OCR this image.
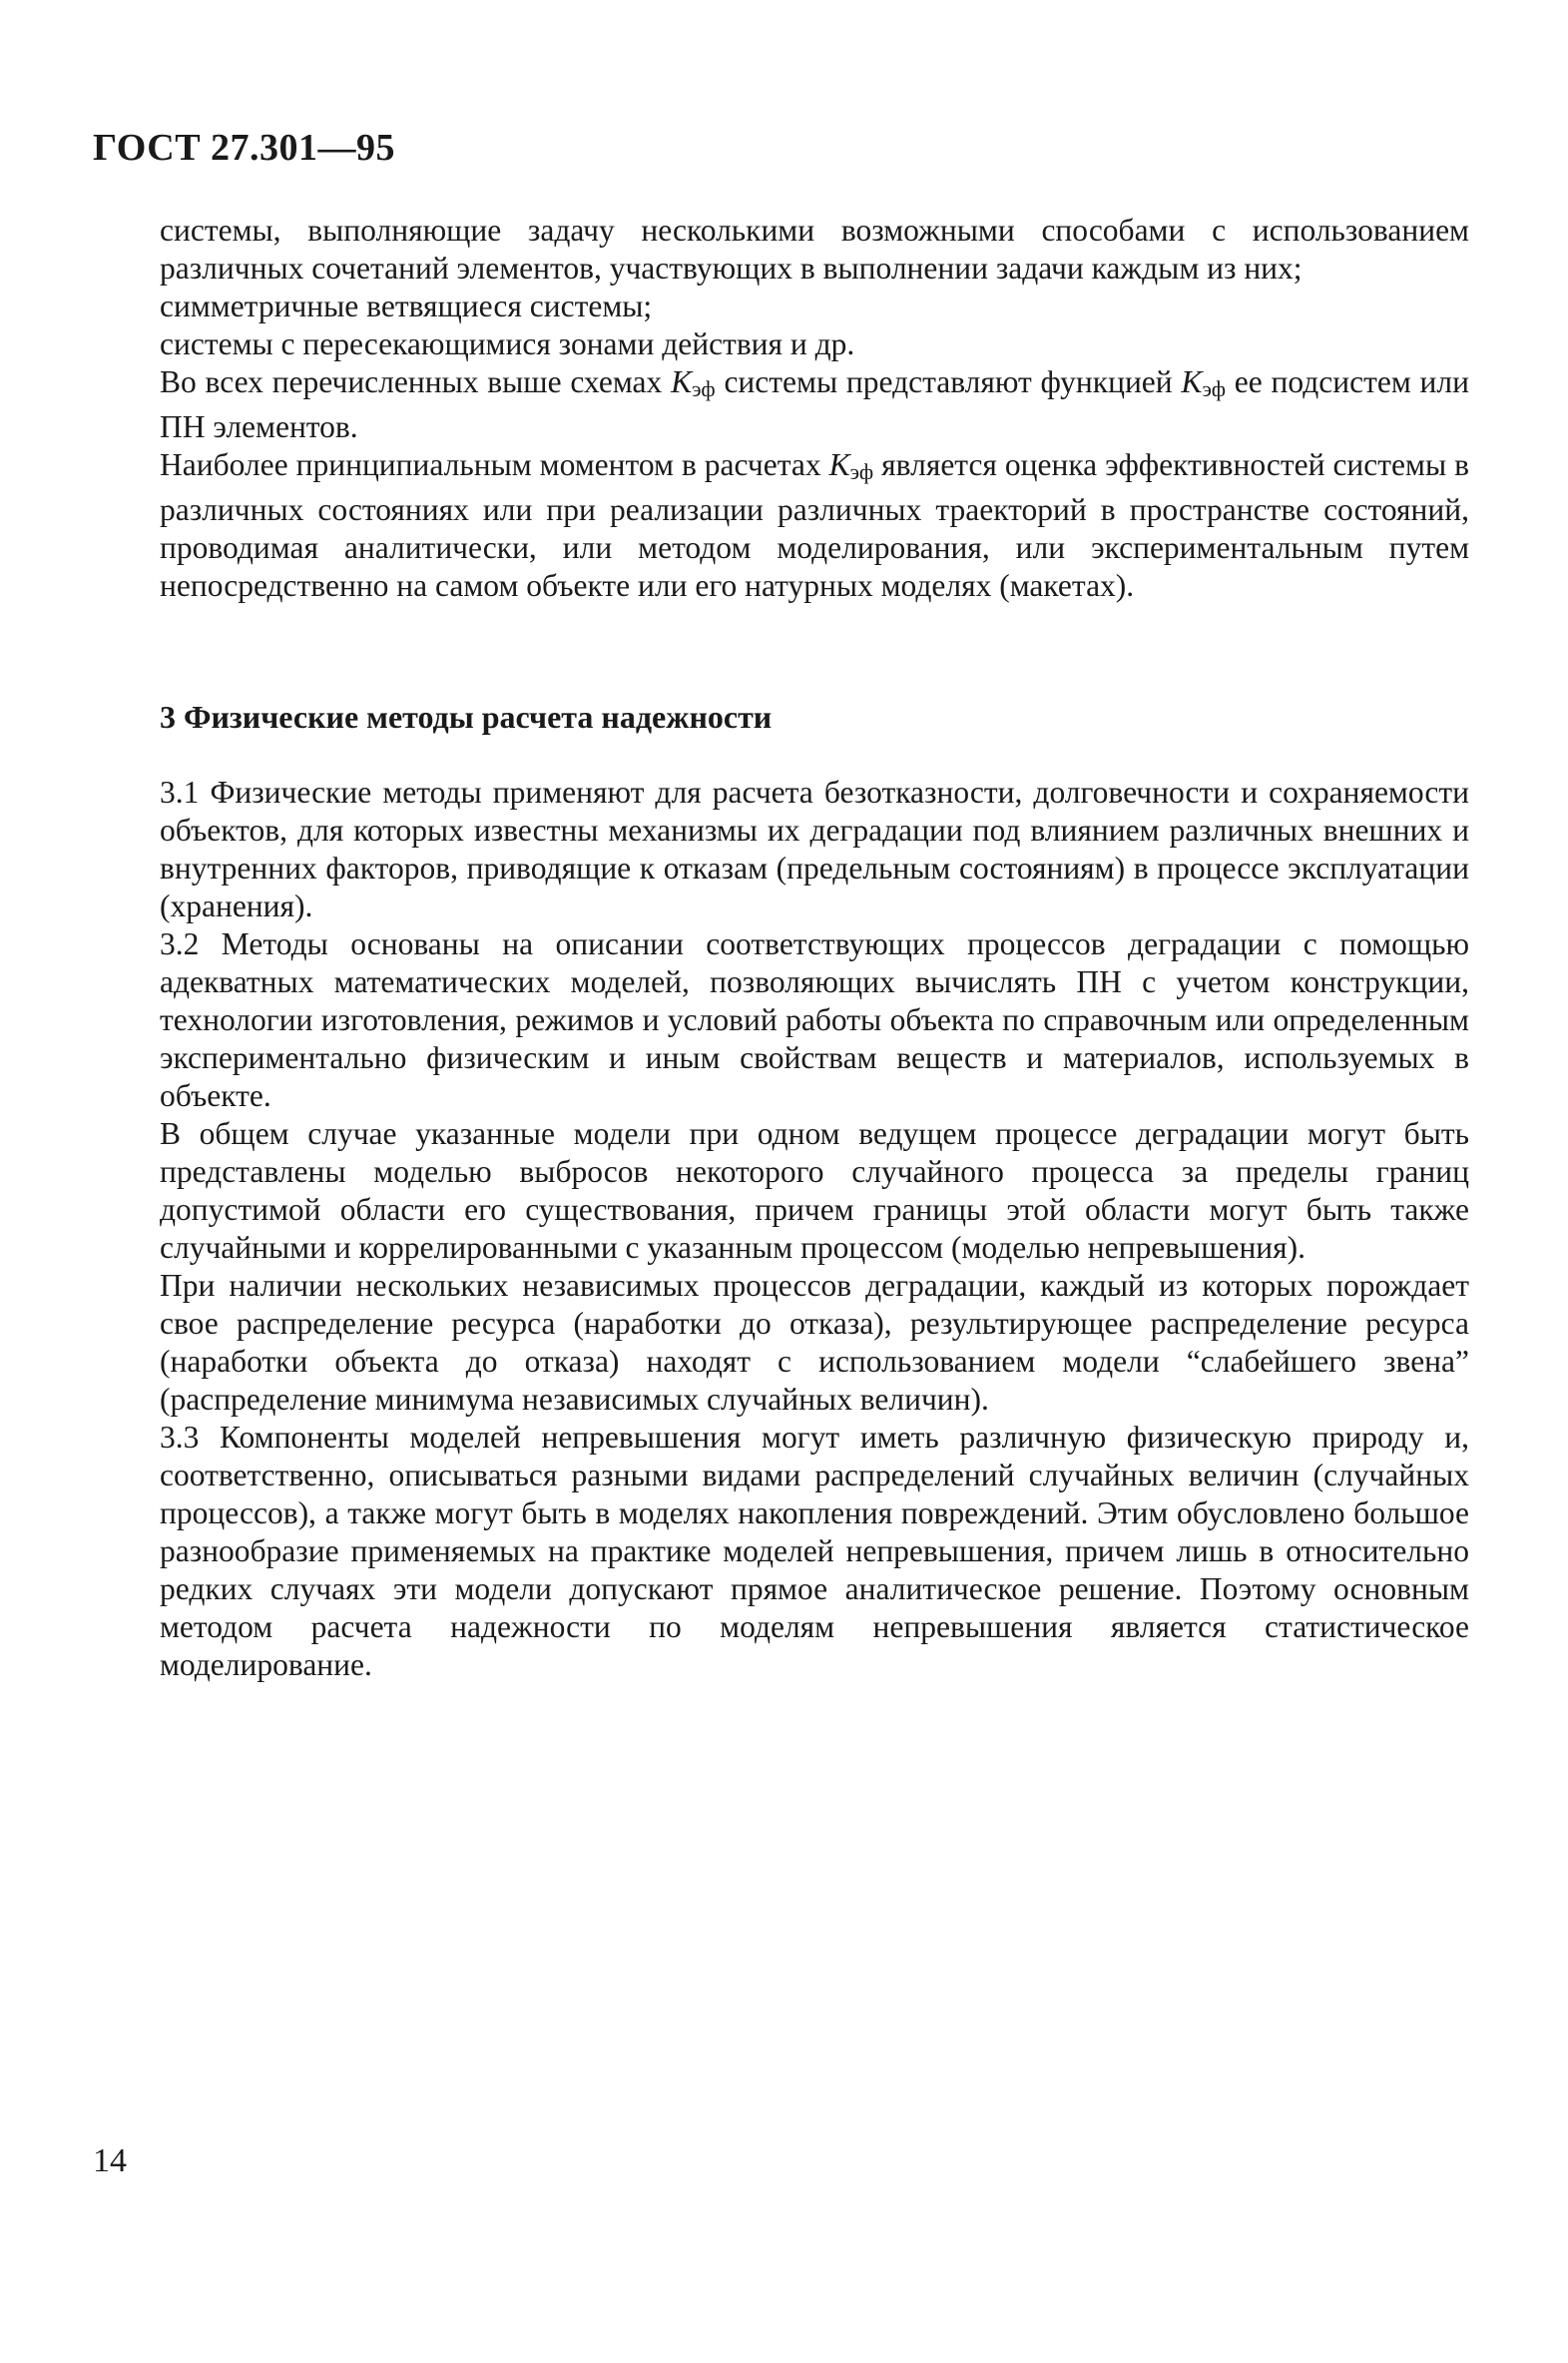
ГОСТ 27.301—95

системы, выполняющие задачу несколькими возможными способами с использованием различных сочетаний элементов, участвующих в выполнении задачи каждым из них;

симметричные ветвящиеся системы;

системы с пересекающимися зонами действия и др.

Во всех перечисленных выше схемах Kэф системы представляют функцией Kэф ее подсистем или ПН элементов.

Наиболее принципиальным моментом в расчетах Kэф является оценка эффективностей системы в различных состояниях или при реализации различных траекторий в пространстве состояний, проводимая аналитически, или методом моделирования, или экспериментальным путем непосредственно на самом объекте или его натурных моделях (макетах).

3 Физические методы расчета надежности

3.1 Физические методы применяют для расчета безотказности, долговечности и сохраняемости объектов, для которых известны механизмы их деградации под влиянием различных внешних и внутренних факторов, приводящие к отказам (предельным состояниям) в процессе эксплуатации (хранения).

3.2 Методы основаны на описании соответствующих процессов деградации с помощью адекватных математических моделей, позволяющих вычислять ПН с учетом конструкции, технологии изготовления, режимов и условий работы объекта по справочным или определенным экспериментально физическим и иным свойствам веществ и материалов, используемых в объекте.

В общем случае указанные модели при одном ведущем процессе деградации могут быть представлены моделью выбросов некоторого случайного процесса за пределы границ допустимой области его существования, причем границы этой области могут быть также случайными и коррелированными с указанным процессом (моделью непревышения).

При наличии нескольких независимых процессов деградации, каждый из которых порождает свое распределение ресурса (наработки до отказа), результирующее распределение ресурса (наработки объекта до отказа) находят с использованием модели “слабейшего звена” (распределение минимума независимых случайных величин).

3.3 Компоненты моделей непревышения могут иметь различную физическую природу и, соответственно, описываться разными видами распределений случайных величин (случайных процессов), а также могут быть в моделях накопления повреждений. Этим обусловлено большое разнообразие применяемых на практике моделей непревышения, причем лишь в относительно редких случаях эти модели допускают прямое аналитическое решение. Поэтому основным методом расчета надежности по моделям непревышения является статистическое моделирование.

14
